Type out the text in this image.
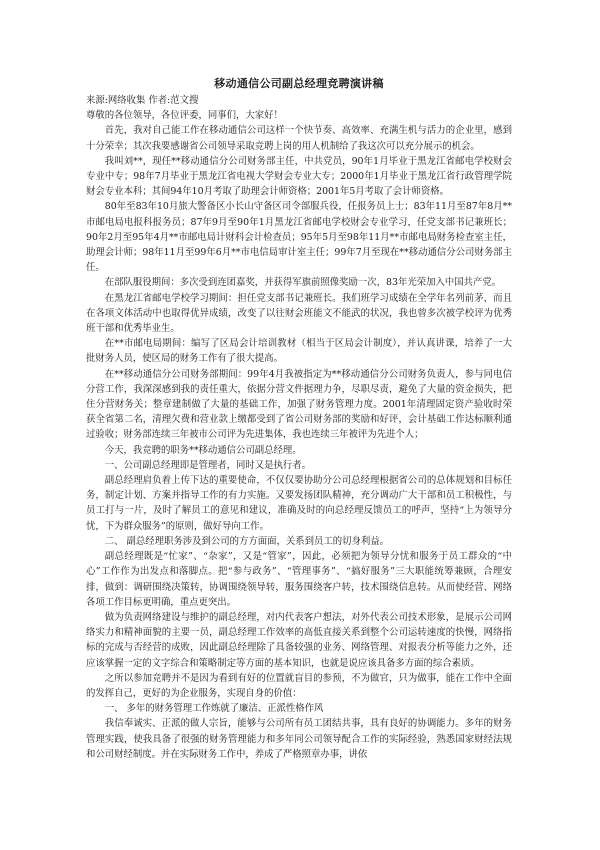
移动通信公司副总经理竞聘演讲稿

来源:网络收集 作者:范文搜

尊敬的各位领导，各位评委，同事们，大家好！

首先，我对自己能工作在移动通信公司这样一个快节奏、高效率、充满生机与活力的企业里，感到十分荣幸；其次我要感谢省公司领导采取竞聘上岗的用人机制给了我这次可以充分展示的机会。

我叫刘**，现任**移动通信分公司财务部主任，中共党员，90年1月毕业于黑龙江省邮电学校财会专业中专；98年7月毕业于黑龙江省电视大学财会专业大专；2000年1月毕业于黑龙江省行政管理学院财会专业本科；其间94年10月考取了助理会计师资格；2001年5月考取了会计师资格。

80年至83年10月旅大警备区小长山守备区司令部服兵役，任报务员上士；83年11月至87年8月**市邮电局电报科报务员；87年9月至90年1月黑龙江省邮电学校财会专业学习，任党支部书记兼班长；90年2月至95年4月**市邮电局计财科会计检查员；95年5月至98年11月**市邮电局财务检查室主任，助理会计师；98年11月至99年6月**市电信局审计室主任；99年7月至现在**移动通信分公司财务部主任。

在部队服役期间：多次受到连团嘉奖，并获得军旗前照像奖励一次，83年光荣加入中国共产党。

在黑龙江省邮电学校学习期间：担任党支部书记兼班长。我们班学习成绩在全学年名列前茅，而且在各项文体活动中也取得优异成绩，改变了以往财会班能文不能武的状况，我也曾多次被学校评为优秀班干部和优秀毕业生。

在**市邮电局期间：编写了区局会计培训教材（相当于区局会计制度），并认真讲课，培养了一大批财务人员，使区局的财务工作有了很大提高。

在**移动通信分公司财务部期间：99年4月我被指定为**移动通信分公司财务负责人，参与同电信分营工作，我深深感到我的责任重大，依据分营文件据理力争，尽职尽责，避免了大量的资金损失，把住分营财务关；整章建制做了大量的基础工作，加强了财务管理力度。2001年清理固定资产验收时荣获全省第二名，清理欠费和营业款上缴都受到了省公司财务部的奖励和好评，会计基础工作达标顺利通过验收；财务部连续三年被市公司评为先进集体，我也连续三年被评为先进个人；

今天，我竞聘的职务**移动通信公司副总经理。

一、公司副总经理即是管理者，同时又是执行者。

副总经理肩负着上传下达的重要使命，不仅仅要协助分公司总经理根据省公司的总体规划和目标任务，制定计划、方案并指导工作的有力实施。又要发扬团队精神，充分调动广大干部和员工积极性，与员工打与一片，及时了解员工的意见和建议，准确及时的向总经理反馈员工的呼声，坚持“上为领导分忧，下为群众服务”的原则，做好导向工作。

二、 副总经理职务涉及到公司的方方面面，关系到员工的切身利益。

副总经理既是“忙家”、“杂家”，又是“管家”，因此，必须把为领导分忧和服务于员工群众的“中心”工作作为出发点和落脚点。把“参与政务”、“管理事务”、“搞好服务”三大职能统筹兼顾，合理安排，做到：调研围绕决策转，协调围绕领导转，服务围绕客户转，技术围绕信息转。从而使经营、网络各项工作目标更明确，重点更突出。

做为负责网络建设与维护的副总经理，对内代表客户想法，对外代表公司技术形象，是展示公司网络实力和精神面貌的主要一员，副总经理工作效率的高低直接关系到整个公司运转速度的快慢，网络指标的完成与否经营的成败，因此副总经理除了具备较强的业务、网络管理、对报表分析等能力之外，还应该掌握一定的文字综合和策略制定等方面的基本知识，也就是说应该具备多方面的综合素质。

之所以参加竞聘并不是因为看到有好的位置就盲目的参预，不为做官，只为做事，能在工作中全面的发挥自己，更好的为企业服务，实现自身的价值：

一、 多年的财务管理工作炼就了廉洁、正派性格作风

我信奉诚实、正派的做人宗旨，能够与公司所有员工团结共事，具有良好的协调能力。多年的财务管理实践，使我具备了很强的财务管理能力和多年同公司领导配合工作的实际经验，熟悉国家财经法规和公司财经制度。并在实际财务工作中，养成了严格照章办事，讲依
